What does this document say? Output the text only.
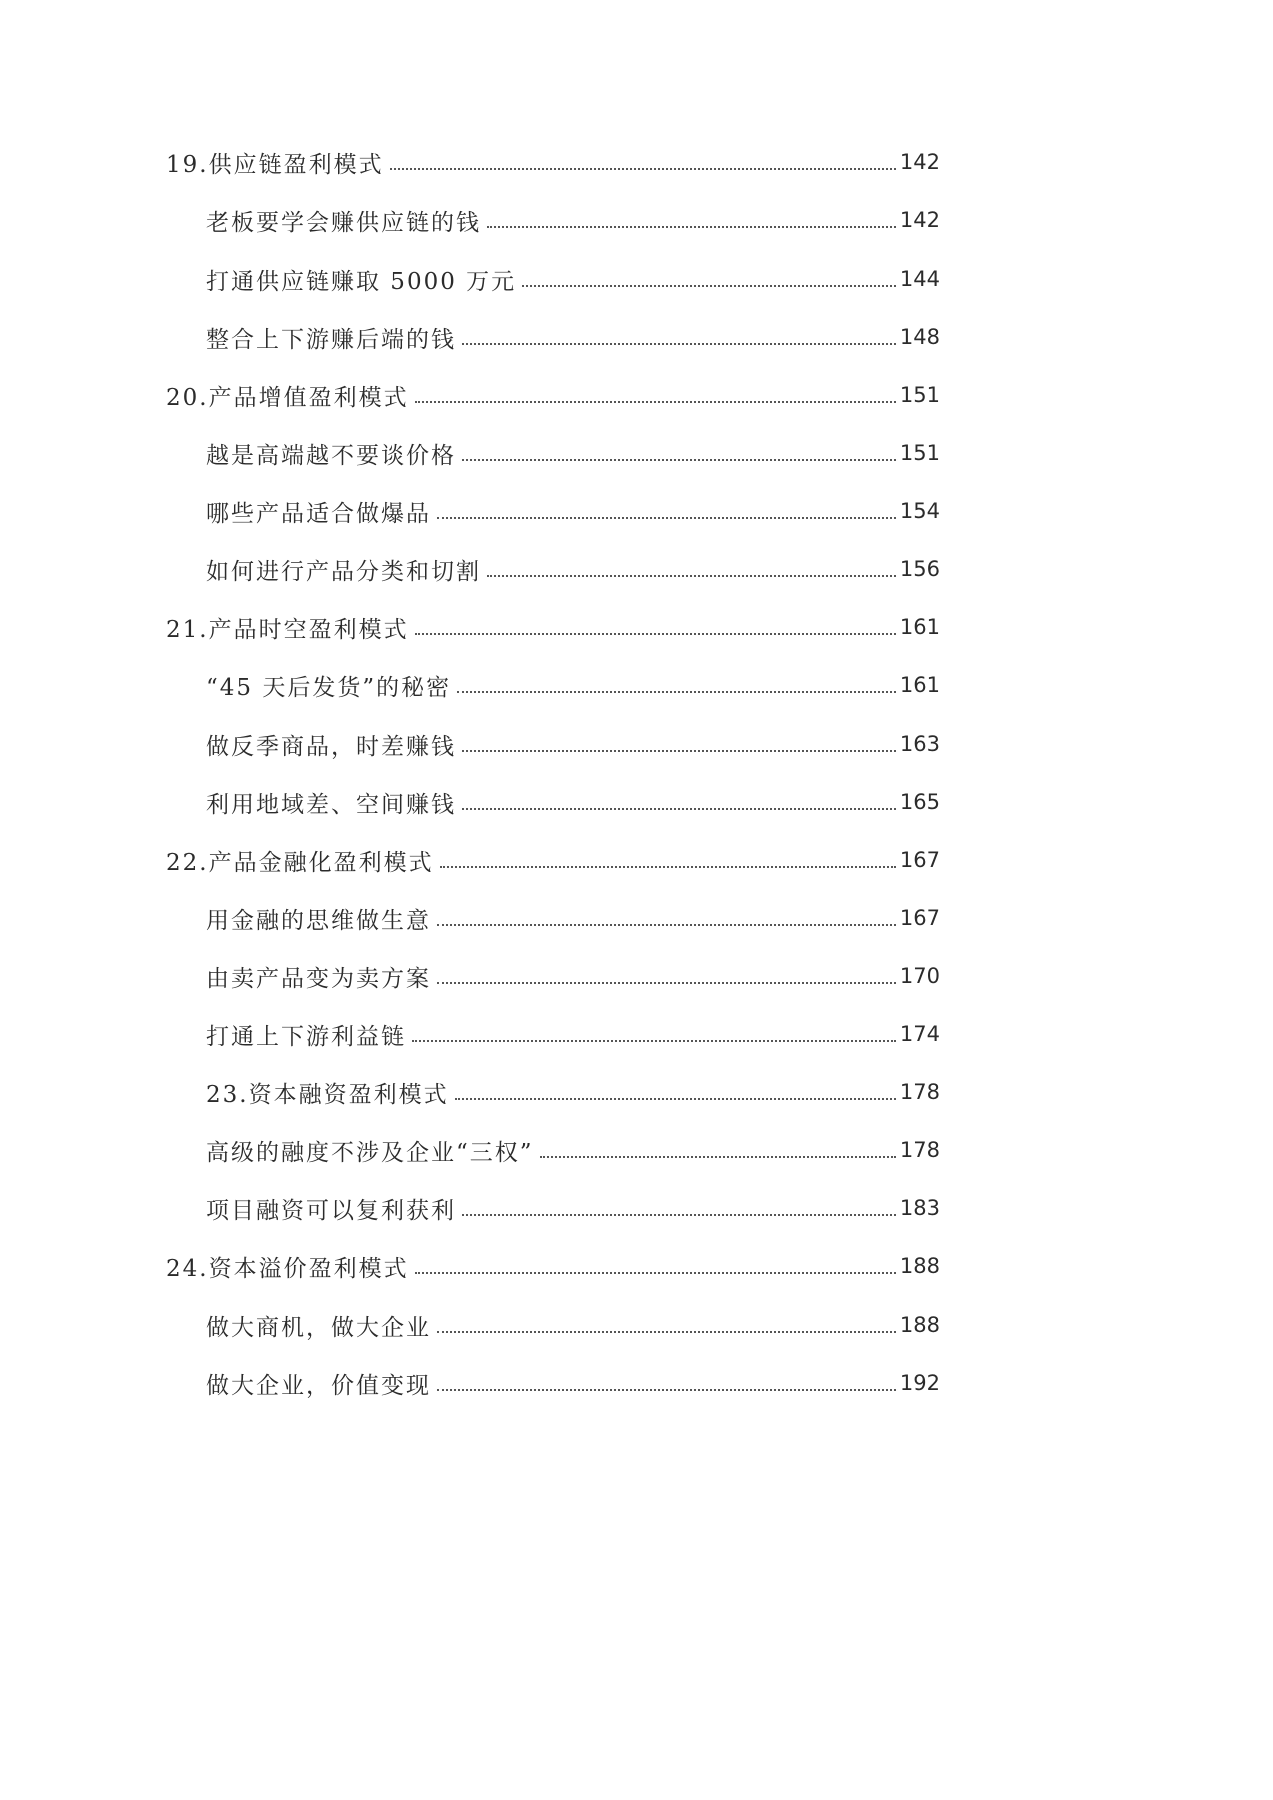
19.供应链盈利模式	142
老板要学会赚供应链的钱	142
打通供应链赚取 5000 万元	144
整合上下游赚后端的钱	148
20.产品增值盈利模式	151
越是高端越不要谈价格	151
哪些产品适合做爆品	154
如何进行产品分类和切割	156
21.产品时空盈利模式	161
“45 天后发货”的秘密	161
做反季商品，时差赚钱	163
利用地域差、空间赚钱	165
22.产品金融化盈利模式	167
用金融的思维做生意	167
由卖产品变为卖方案	170
打通上下游利益链	174
23.资本融资盈利模式	178
高级的融度不涉及企业“三权”	178
项目融资可以复利获利	183
24.资本溢价盈利模式	188
做大商机，做大企业	188
做大企业，价值变现	192
